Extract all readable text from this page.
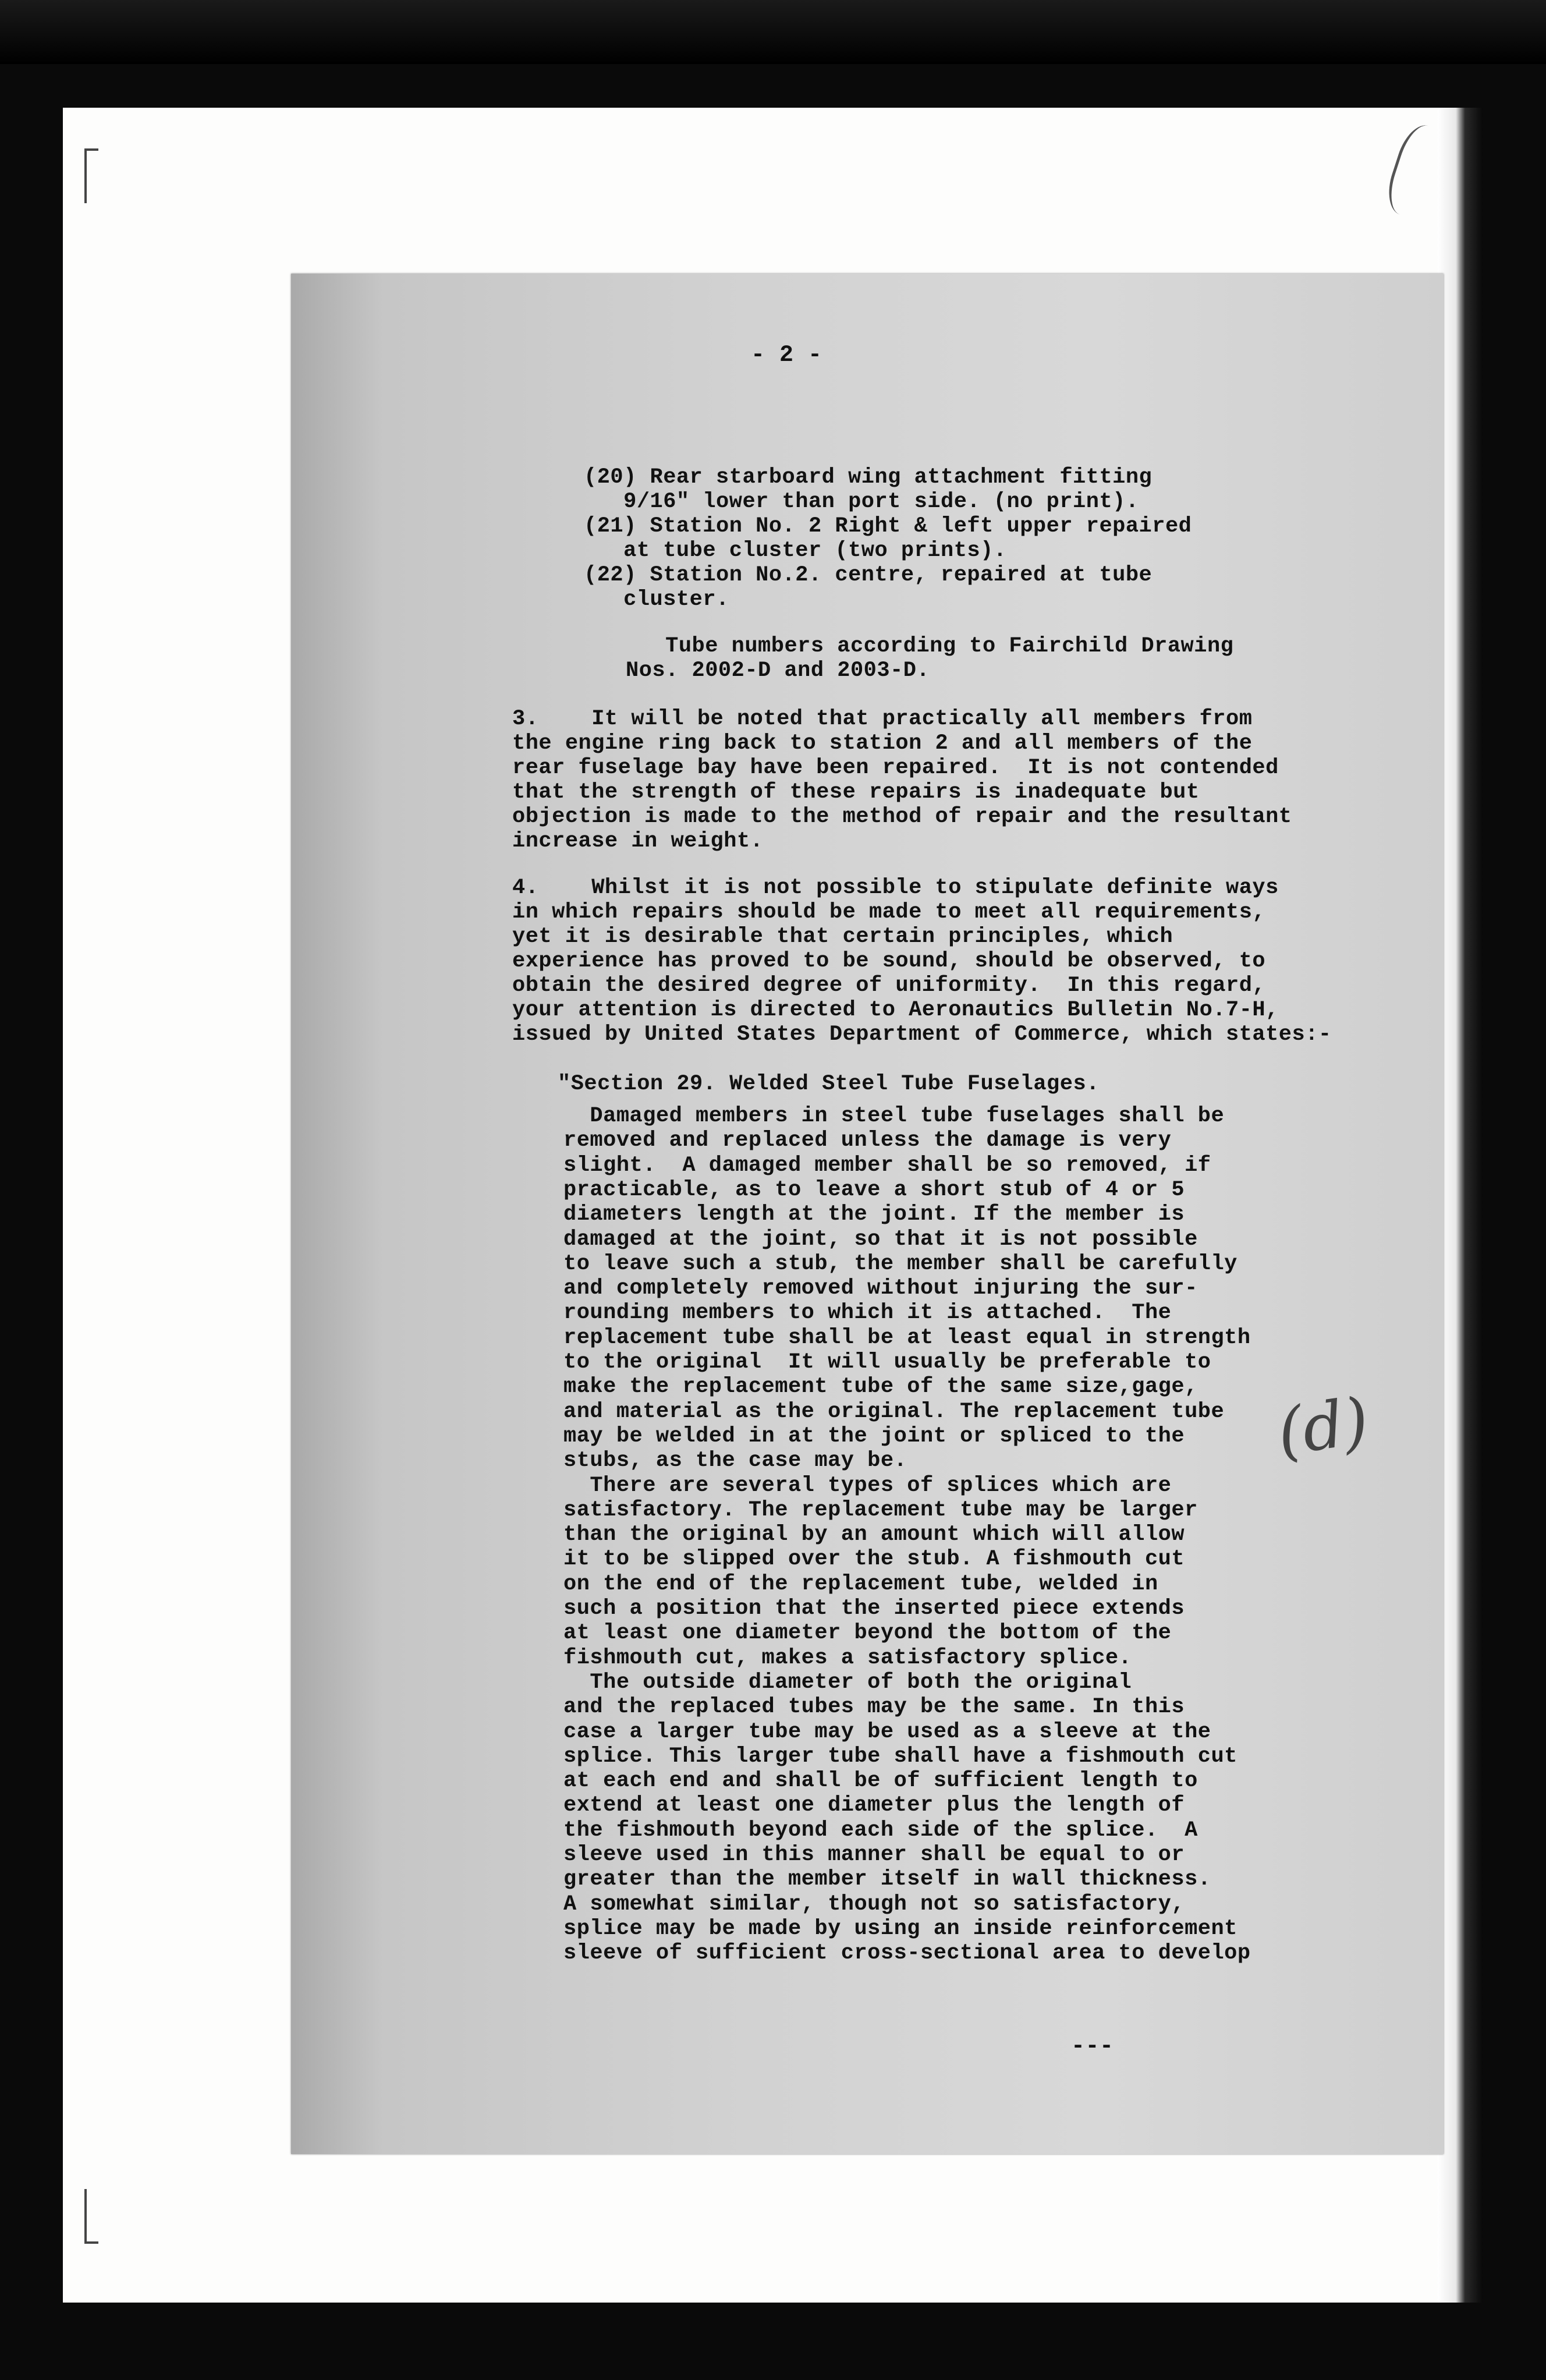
- 2 -
(20) Rear starboard wing attachment fitting
9/16" lower than port side. (no print).
(21) Station No. 2 Right & left upper repaired
at tube cluster (two prints).
(22) Station No.2. centre, repaired at tube
cluster.
Tube numbers according to Fairchild Drawing
Nos. 2002-D and 2003-D.
3.    It will be noted that practically all members from
the engine ring back to station 2 and all members of the
rear fuselage bay have been repaired.  It is not contended
that the strength of these repairs is inadequate but
objection is made to the method of repair and the resultant
increase in weight.
4.    Whilst it is not possible to stipulate definite ways
in which repairs should be made to meet all requirements,
yet it is desirable that certain principles, which
experience has proved to be sound, should be observed, to
obtain the desired degree of uniformity.  In this regard,
your attention is directed to Aeronautics Bulletin No.7-H,
issued by United States Department of Commerce, which states:-
"Section 29. Welded Steel Tube Fuselages.
Damaged members in steel tube fuselages shall be
removed and replaced unless the damage is very
slight.  A damaged member shall be so removed, if
practicable, as to leave a short stub of 4 or 5
diameters length at the joint. If the member is
damaged at the joint, so that it is not possible
to leave such a stub, the member shall be carefully
and completely removed without injuring the sur-
rounding members to which it is attached.  The
replacement tube shall be at least equal in strength
to the original  It will usually be preferable to
make the replacement tube of the same size,gage,
and material as the original. The replacement tube
may be welded in at the joint or spliced to the
stubs, as the case may be.
There are several types of splices which are
satisfactory. The replacement tube may be larger
than the original by an amount which will allow
it to be slipped over the stub. A fishmouth cut
on the end of the replacement tube, welded in
such a position that the inserted piece extends
at least one diameter beyond the bottom of the
fishmouth cut, makes a satisfactory splice.
The outside diameter of both the original
and the replaced tubes may be the same. In this
case a larger tube may be used as a sleeve at the
splice. This larger tube shall have a fishmouth cut
at each end and shall be of sufficient length to
extend at least one diameter plus the length of
the fishmouth beyond each side of the splice.  A
sleeve used in this manner shall be equal to or
greater than the member itself in wall thickness.
A somewhat similar, though not so satisfactory,
splice may be made by using an inside reinforcement
sleeve of sufficient cross-sectional area to develop
---
(d)
